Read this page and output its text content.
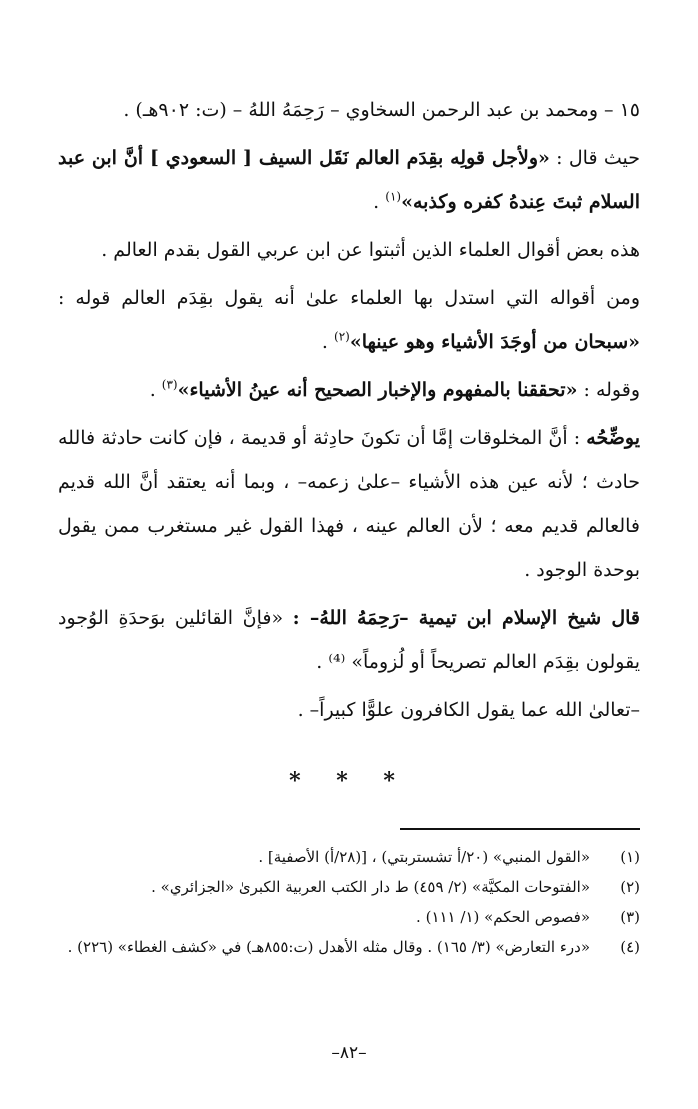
١٥ – ومحمد بن عبد الرحمن السخاوي – رَحِمَهُ اللهُ – (ت: ٩٠٢هـ) .

حيث قال : «ولأجل قولِه بقِدَم العالم نَقَل السيف [ السعودي ] أنَّ ابن عبد السلام ثبتَ عِندهُ كفره وكذبه»$^{(١)}$ .

هذه بعض أقوال العلماء الذين أثبتوا عن ابن عربي القول بقدم العالم .

ومن أقواله التي استدل بها العلماء علىٰ أنه يقول بقِدَم العالم قوله : «سبحان من أوجَدَ الأشياء وهو عينها»$^{(٢)}$ .

وقوله : «تحققنا بالمفهوم والإخبار الصحيح أنه عينُ الأشياء»$^{(٣)}$ .

يوضِّحُه : أنَّ المخلوقات إمَّا أن تكونَ حادِثة أو قديمة ، فإن كانت حادثة فالله حادث ؛ لأنه عين هذه الأشياء –علىٰ زعمه– ، وبما أنه يعتقد أنَّ الله قديم فالعالم قديم معه ؛ لأن العالم عينه ، فهذا القول غير مستغرب ممن يقول بوحدة الوجود .

قال شيخ الإسلام ابن تيمية –رَحِمَهُ اللهُ– : «فإنَّ القائلين بوَحدَةِ الوُجود يقولون بقِدَم العالم تصريحاً أو لُزوماً» ⁽⁴⁾ .

–تعالىٰ الله عما يقول الكافرون علوًّا كبيراً– .

* * *
(١)
«القول المنبي» (٢٠/أ تشستربتي) ، [(٢٨/أ) الأصفية] .
(٢)
«الفتوحات المكيَّة» (٢/ ٤٥٩) ط دار الكتب العربية الكبرىٰ «الجزائري» .
(٣)
«فصوص الحكم» (١/ ١١١) .
(٤)
«درء التعارض» (٣/ ١٦٥) . وقال مثله الأهدل (ت:٨٥٥هـ) في «كشف الغطاء» (٢٢٦) .
–٨٢–
